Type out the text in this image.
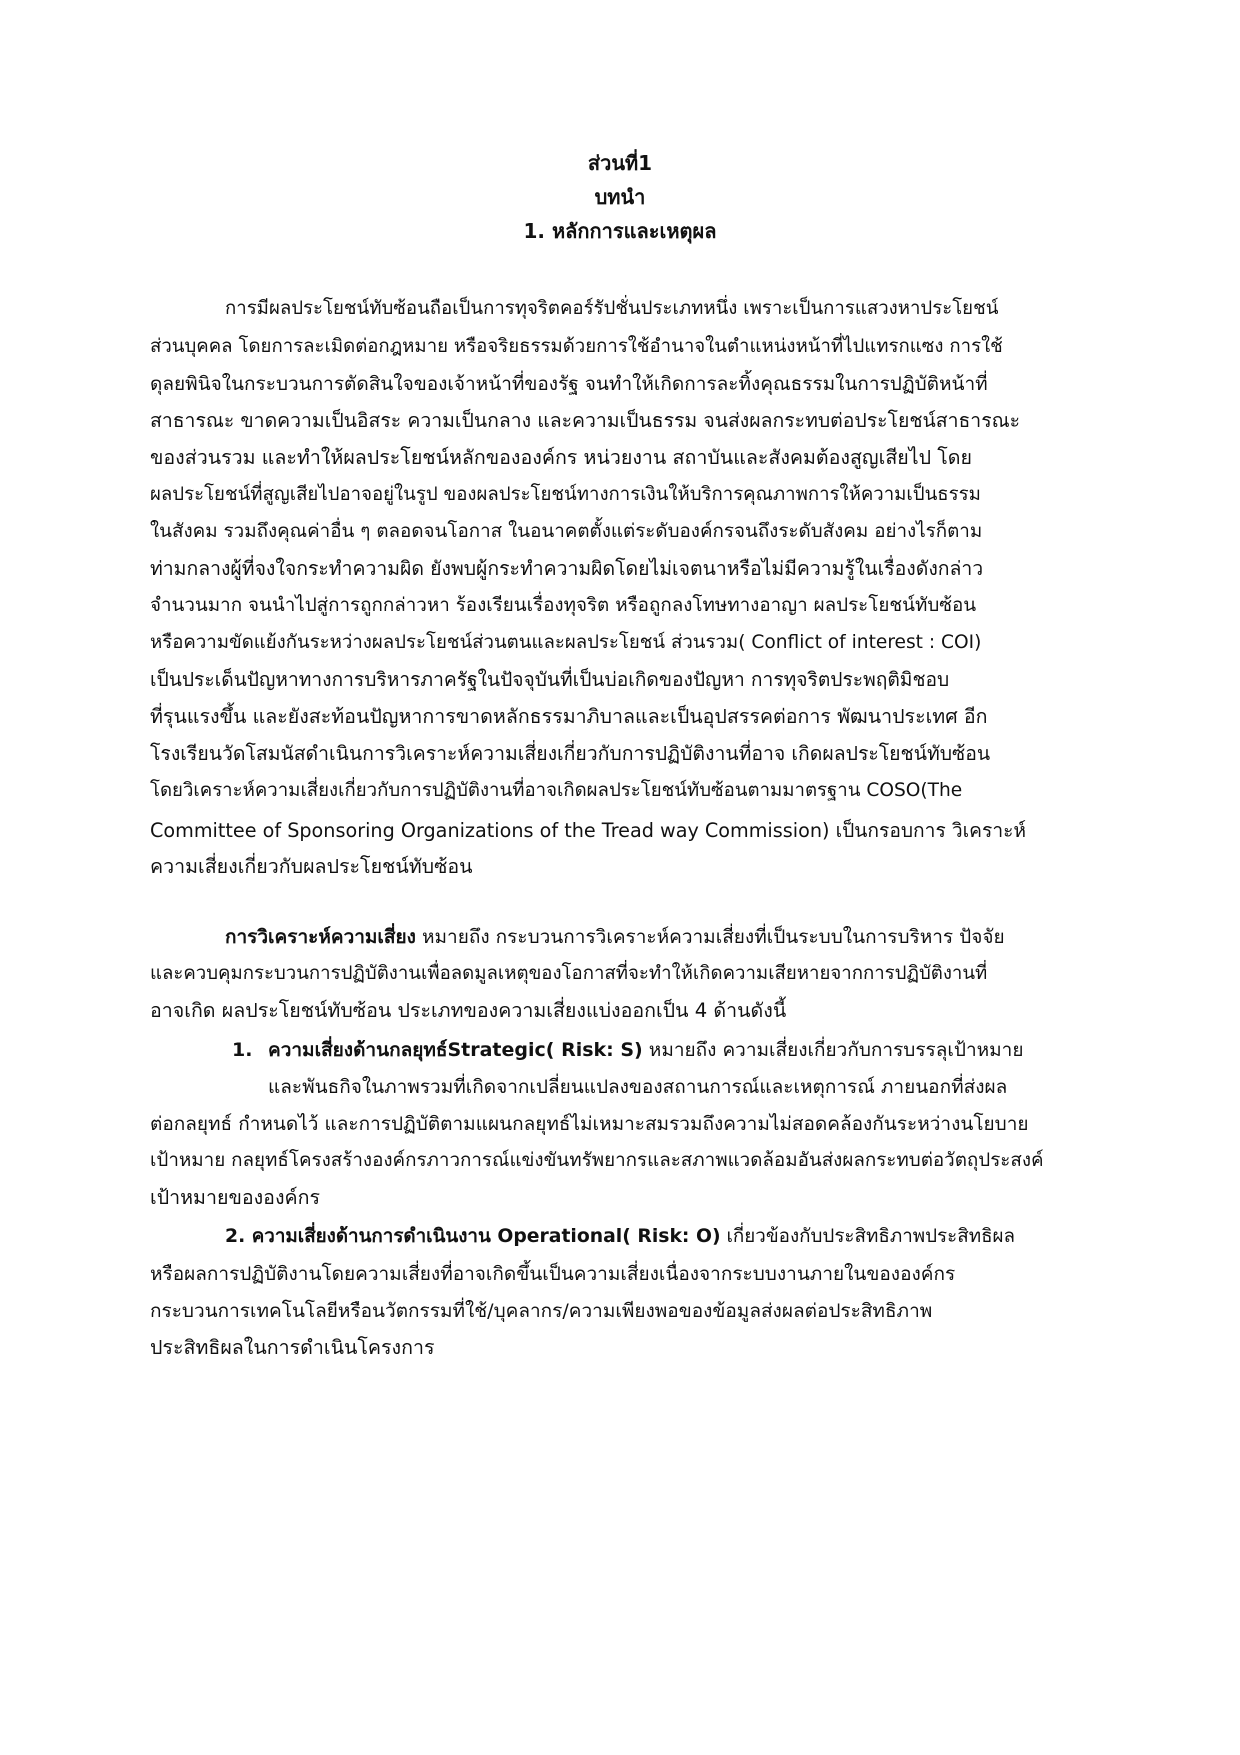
ส่วนที่1
บทนำ
1. หลักการและเหตุผล
การมีผลประโยชน์ทับซ้อนถือเป็นการทุจริตคอร์รัปชั่นประเภทหนึ่ง เพราะเป็นการแสวงหาประโยชน์
ส่วนบุคคล โดยการละเมิดต่อกฎหมาย หรือจริยธรรมด้วยการใช้อำนาจในตำแหน่งหน้าที่ไปแทรกแซง การใช้
ดุลยพินิจในกระบวนการตัดสินใจของเจ้าหน้าที่ของรัฐ จนทำให้เกิดการละทิ้งคุณธรรมในการปฏิบัติหน้าที่
สาธารณะ ขาดความเป็นอิสระ ความเป็นกลาง และความเป็นธรรม จนส่งผลกระทบต่อประโยชน์สาธารณะ
ของส่วนรวม และทำให้ผลประโยชน์หลักขององค์กร หน่วยงาน สถาบันและสังคมต้องสูญเสียไป โดย
ผลประโยชน์ที่สูญเสียไปอาจอยู่ในรูป ของผลประโยชน์ทางการเงินให้บริการคุณภาพการให้ความเป็นธรรม
ในสังคม รวมถึงคุณค่าอื่น ๆ ตลอดจนโอกาส ในอนาคตตั้งแต่ระดับองค์กรจนถึงระดับสังคม อย่างไรก็ตาม
ท่ามกลางผู้ที่จงใจกระทำความผิด ยังพบผู้กระทำความผิดโดยไม่เจตนาหรือไม่มีความรู้ในเรื่องดังกล่าว
จำนวนมาก จนนำไปสู่การถูกกล่าวหา ร้องเรียนเรื่องทุจริต หรือถูกลงโทษทางอาญา ผลประโยชน์ทับซ้อน
หรือความขัดแย้งกันระหว่างผลประโยชน์ส่วนตนและผลประโยชน์ ส่วนรวม( Conflict of interest : COI)
เป็นประเด็นปัญหาทางการบริหารภาครัฐในปัจจุบันที่เป็นบ่อเกิดของปัญหา การทุจริตประพฤติมิชอบ
ที่รุนแรงขึ้น และยังสะท้อนปัญหาการขาดหลักธรรมาภิบาลและเป็นอุปสรรคต่อการ พัฒนาประเทศ อีก
โรงเรียนวัดโสมนัสดำเนินการวิเคราะห์ความเสี่ยงเกี่ยวกับการปฏิบัติงานที่อาจ เกิดผลประโยชน์ทับซ้อน
โดยวิเคราะห์ความเสี่ยงเกี่ยวกับการปฏิบัติงานที่อาจเกิดผลประโยชน์ทับซ้อนตามมาตรฐาน COSO(The
Committee of Sponsoring Organizations of the Tread way Commission) เป็นกรอบการ วิเคราะห์
ความเสี่ยงเกี่ยวกับผลประโยชน์ทับซ้อน
การวิเคราะห์ความเสี่ยง หมายถึง กระบวนการวิเคราะห์ความเสี่ยงที่เป็นระบบในการบริหาร ปัจจัย
และควบคุมกระบวนการปฏิบัติงานเพื่อลดมูลเหตุของโอกาสที่จะทำให้เกิดความเสียหายจากการปฏิบัติงานที่
อาจเกิด ผลประโยชน์ทับซ้อน ประเภทของความเสี่ยงแบ่งออกเป็น 4 ด้านดังนี้
1. ความเสี่ยงด้านกลยุทธ์Strategic( Risk: S) หมายถึง ความเสี่ยงเกี่ยวกับการบรรลุเป้าหมาย
และพันธกิจในภาพรวมที่เกิดจากเปลี่ยนแปลงของสถานการณ์และเหตุการณ์ ภายนอกที่ส่งผล
ต่อกลยุทธ์ กำหนดไว้ และการปฏิบัติตามแผนกลยุทธ์ไม่เหมาะสมรวมถึงความไม่สอดคล้องกันระหว่างนโยบาย
เป้าหมาย กลยุทธ์โครงสร้างองค์กรภาวการณ์แข่งขันทรัพยากรและสภาพแวดล้อมอันส่งผลกระทบต่อวัตถุประสงค์
เป้าหมายขององค์กร
2. ความเสี่ยงด้านการดำเนินงาน Operational( Risk: O) เกี่ยวข้องกับประสิทธิภาพประสิทธิผล
หรือผลการปฏิบัติงานโดยความเสี่ยงที่อาจเกิดขึ้นเป็นความเสี่ยงเนื่องจากระบบงานภายในขององค์กร
กระบวนการเทคโนโลยีหรือนวัตกรรมที่ใช้/บุคลากร/ความเพียงพอของข้อมูลส่งผลต่อประสิทธิภาพ
ประสิทธิผลในการดำเนินโครงการ
